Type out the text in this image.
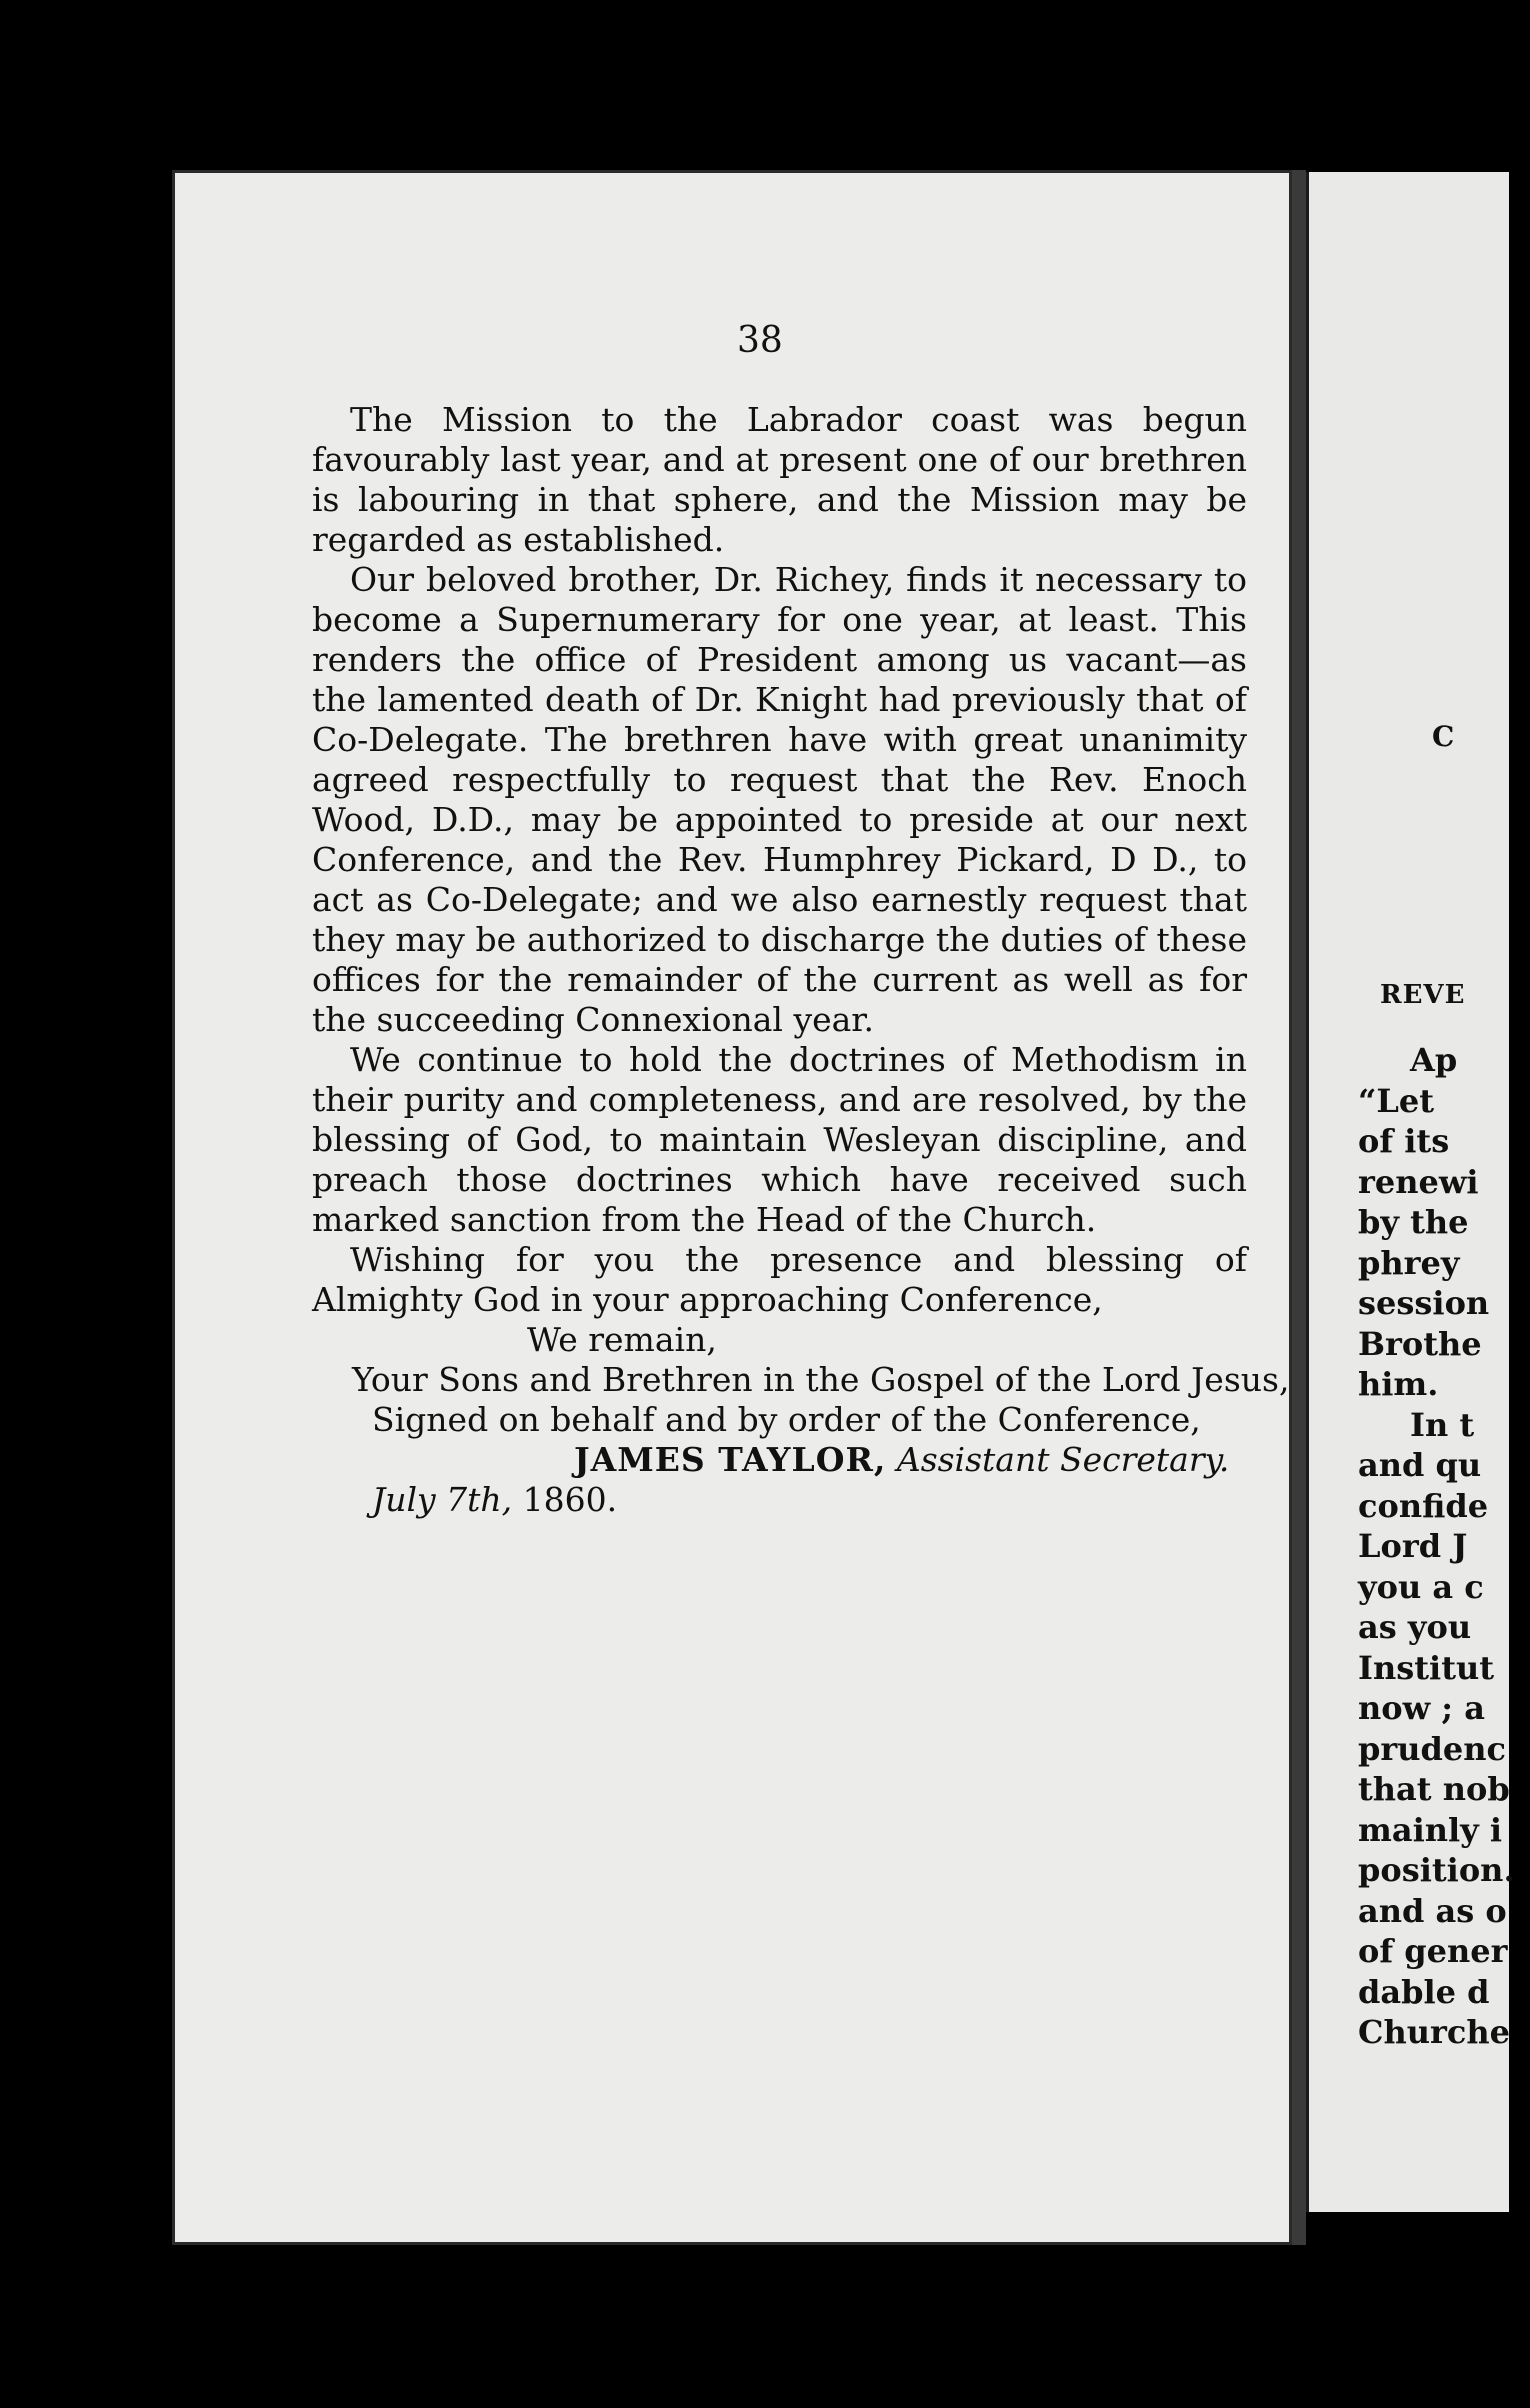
38

The Mission to the Labrador coast was begun favourably last year, and at present one of our brethren is labouring in that sphere, and the Mission may be regarded as established.

Our beloved brother, Dr. Richey, finds it necessary to become a Supernumerary for one year, at least. This renders the office of President among us vacant—as the lamented death of Dr. Knight had previously that of Co-Delegate. The brethren have with great unanimity agreed respectfully to request that the Rev. Enoch Wood, D.D., may be appointed to preside at our next Conference, and the Rev. Humphrey Pickard, D D., to act as Co-Delegate; and we also earnestly request that they may be authorized to discharge the duties of these offices for the remainder of the current as well as for the succeeding Connexional year.

We continue to hold the doctrines of Methodism in their purity and completeness, and are resolved, by the blessing of God, to maintain Wesleyan discipline, and preach those doctrines which have received such marked sanction from the Head of the Church.

Wishing for you the presence and blessing of Almighty God in your approaching Conference,

We remain,
Your Sons and Brethren in the Gospel of the Lord Jesus,
Signed on behalf and by order of the Conference,
JAMES TAYLOR, Assistant Secretary.
July 7th, 1860.
C
REVE
Ap
“Let
of its
renewi
by the
phrey
session
Brothe
him.
In t
and qu
confide
Lord J
you a c
as you
Institut
now ; a
prudenc
that nob
mainly i
position.
and as o
of gener
dable d
Churche
